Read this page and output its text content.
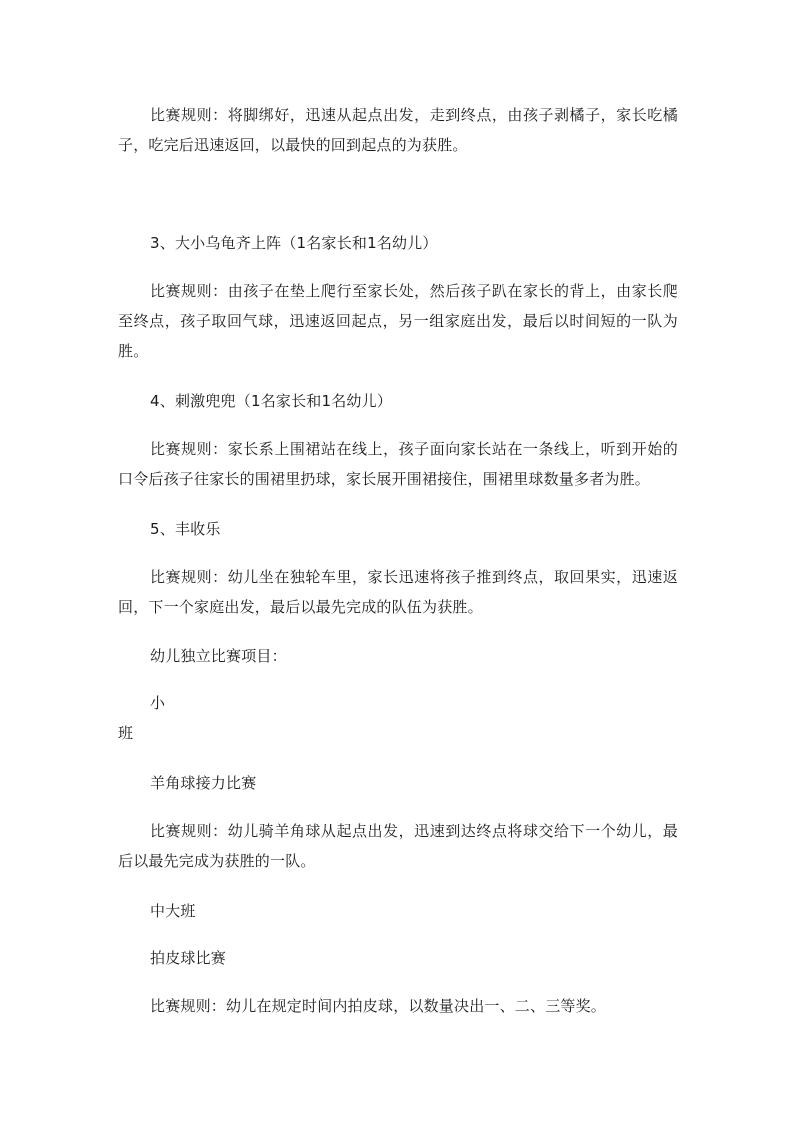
比赛规则：将脚绑好，迅速从起点出发，走到终点，由孩子剥橘子，家长吃橘子，吃完后迅速返回，以最快的回到起点的为获胜。

3、大小乌龟齐上阵（1名家长和1名幼儿）

比赛规则：由孩子在垫上爬行至家长处，然后孩子趴在家长的背上，由家长爬至终点，孩子取回气球，迅速返回起点，另一组家庭出发，最后以时间短的一队为胜。

4、刺激兜兜（1名家长和1名幼儿）

比赛规则：家长系上围裙站在线上，孩子面向家长站在一条线上，听到开始的口令后孩子往家长的围裙里扔球，家长展开围裙接住，围裙里球数量多者为胜。

5、丰收乐

比赛规则：幼儿坐在独轮车里，家长迅速将孩子推到终点，取回果实，迅速返回，下一个家庭出发，最后以最先完成的队伍为获胜。

幼儿独立比赛项目：

小

班

羊角球接力比赛

比赛规则：幼儿骑羊角球从起点出发，迅速到达终点将球交给下一个幼儿，最后以最先完成为获胜的一队。

中大班

拍皮球比赛

比赛规则：幼儿在规定时间内拍皮球，以数量决出一、二、三等奖。
